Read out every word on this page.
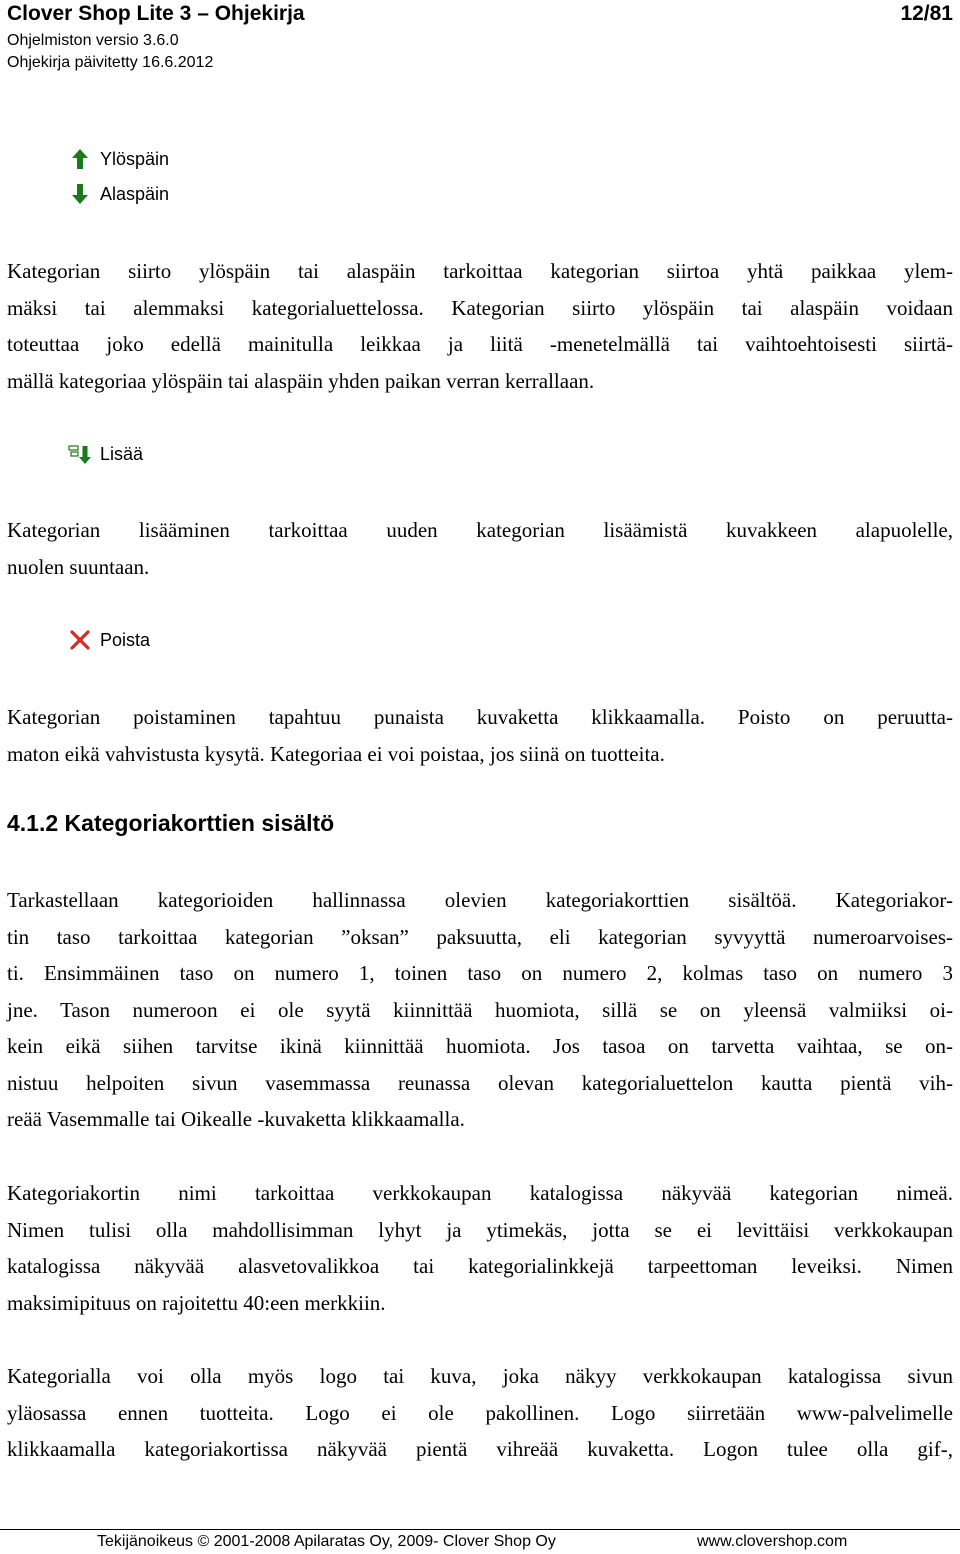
Clover Shop Lite 3 – Ohjekirja	12/81
Ohjelmiston versio 3.6.0
Ohjekirja päivitetty 16.6.2012
Ylöspäin
Alaspäin
Kategorian siirto ylöspäin tai alaspäin tarkoittaa kategorian siirtoa yhtä paikkaa ylem-
mäksi tai alemmaksi kategorialuettelossa. Kategorian siirto ylöspäin tai alaspäin voidaan
toteuttaa joko edellä mainitulla leikkaa ja liitä -menetelmällä tai vaihtoehtoisesti siirtä-
mällä kategoriaa ylöspäin tai alaspäin yhden paikan verran kerrallaan.
Lisää
Kategorian lisääminen tarkoittaa uuden kategorian lisäämistä kuvakkeen alapuolelle,
nuolen suuntaan.
Poista
Kategorian poistaminen tapahtuu punaista kuvaketta klikkaamalla. Poisto on peruutta-
maton eikä vahvistusta kysytä. Kategoriaa ei voi poistaa, jos siinä on tuotteita.
4.1.2 Kategoriakorttien sisältö
Tarkastellaan kategorioiden hallinnassa olevien kategoriakorttien sisältöä. Kategoriakor-
tin taso tarkoittaa kategorian ”oksan” paksuutta, eli kategorian syvyyttä numeroarvoises-
ti. Ensimmäinen taso on numero 1, toinen taso on numero 2, kolmas taso on numero 3
jne. Tason numeroon ei ole syytä kiinnittää huomiota, sillä se on yleensä valmiiksi oi-
kein eikä siihen tarvitse ikinä kiinnittää huomiota. Jos tasoa on tarvetta vaihtaa, se on-
nistuu helpoiten sivun vasemmassa reunassa olevan kategorialuettelon kautta pientä vih-
reää Vasemmalle tai Oikealle -kuvaketta klikkaamalla.
Kategoriakortin nimi tarkoittaa verkkokaupan katalogissa näkyvää kategorian nimeä.
Nimen tulisi olla mahdollisimman lyhyt ja ytimekäs, jotta se ei levittäisi verkkokaupan
katalogissa näkyvää alasvetovalikkoa tai kategorialinkkejä tarpeettoman leveiksi. Nimen
maksimipituus on rajoitettu 40:een merkkiin.
Kategorialla voi olla myös logo tai kuva, joka näkyy verkkokaupan katalogissa sivun
yläosassa ennen tuotteita. Logo ei ole pakollinen. Logo siirretään www-palvelimelle
klikkaamalla kategoriakortissa näkyvää pientä vihreää kuvaketta. Logon tulee olla gif-,
Tekijänoikeus © 2001-2008 Apilaratas Oy, 2009- Clover Shop Oy	www.clovershop.com
